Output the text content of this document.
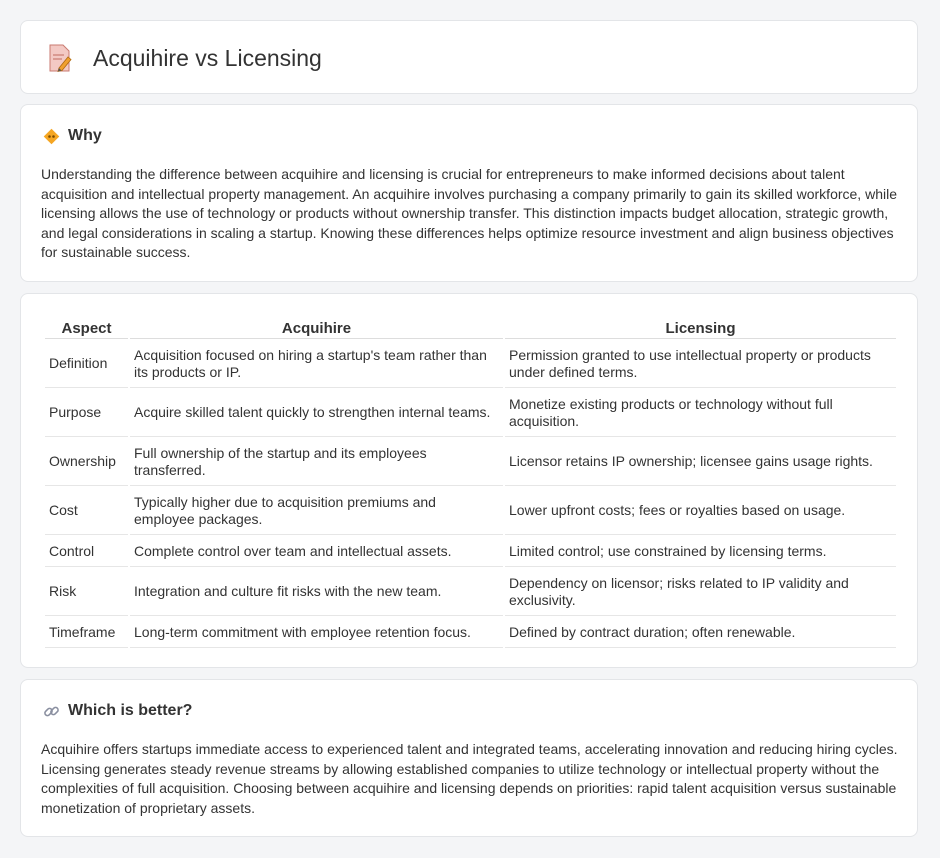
Acquihire vs Licensing
Why

Understanding the difference between acquihire and licensing is crucial for entrepreneurs to make informed decisions about talent acquisition and intellectual property management. An acquihire involves purchasing a company primarily to gain its skilled workforce, while licensing allows the use of technology or products without ownership transfer. This distinction impacts budget allocation, strategic growth, and legal considerations in scaling a startup. Knowing these differences helps optimize resource investment and align business objectives for sustainable success.

Aspect	Acquihire	Licensing
Definition	Acquisition focused on hiring a startup's team rather than its products or IP.	Permission granted to use intellectual property or products under defined terms.
Purpose	Acquire skilled talent quickly to strengthen internal teams.	Monetize existing products or technology without full acquisition.
Ownership	Full ownership of the startup and its employees transferred.	Licensor retains IP ownership; licensee gains usage rights.
Cost	Typically higher due to acquisition premiums and employee packages.	Lower upfront costs; fees or royalties based on usage.
Control	Complete control over team and intellectual assets.	Limited control; use constrained by licensing terms.
Risk	Integration and culture fit risks with the new team.	Dependency on licensor; risks related to IP validity and exclusivity.
Timeframe	Long-term commitment with employee retention focus.	Defined by contract duration; often renewable.
Which is better?

Acquihire offers startups immediate access to experienced talent and integrated teams, accelerating innovation and reducing hiring cycles. Licensing generates steady revenue streams by allowing established companies to utilize technology or intellectual property without the complexities of full acquisition. Choosing between acquihire and licensing depends on priorities: rapid talent acquisition versus sustainable monetization of proprietary assets.
